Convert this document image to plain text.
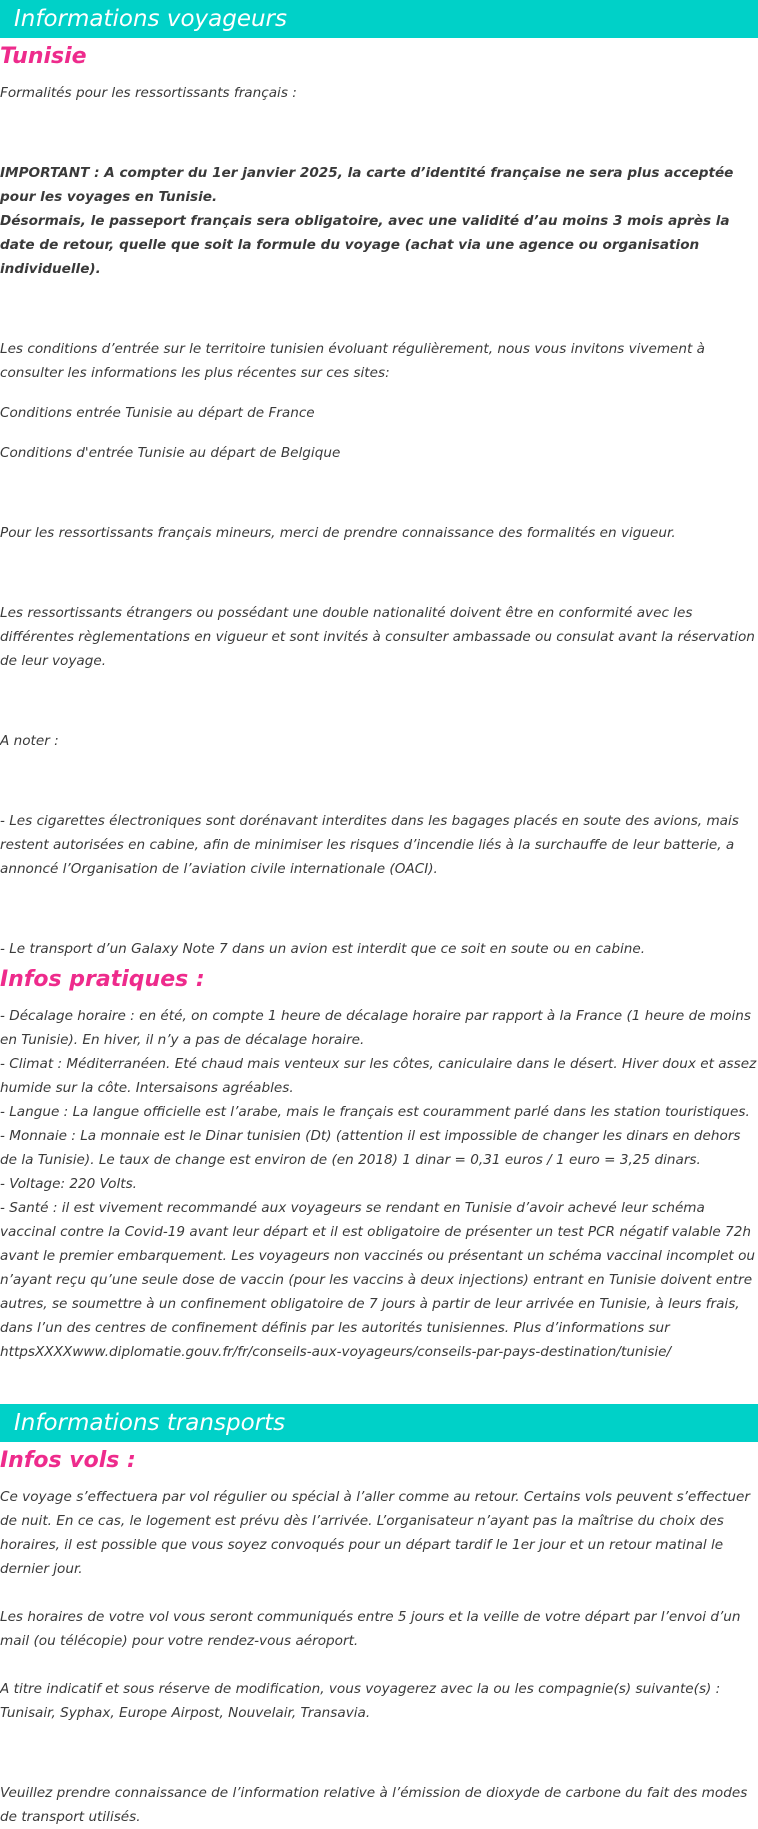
Informations voyageurs
Tunisie

Formalités pour les ressortissants français :

IMPORTANT : A compter du 1er janvier 2025, la carte d’identité française ne sera plus acceptée pour les voyages en Tunisie.

Désormais, le passeport français sera obligatoire, avec une validité d’au moins 3 mois après la date de retour, quelle que soit la formule du voyage (achat via une agence ou organisation individuelle).

Les conditions d’entrée sur le territoire tunisien évoluant régulièrement, nous vous invitons vivement à consulter les informations les plus récentes sur ces sites:

Conditions entrée Tunisie au départ de France

Conditions d'entrée Tunisie au départ de Belgique

Pour les ressortissants français mineurs, merci de prendre connaissance des formalités en vigueur.

Les ressortissants étrangers ou possédant une double nationalité doivent être en conformité avec les différentes règlementations en vigueur et sont invités à consulter ambassade ou consulat avant la réservation de leur voyage.

A noter :

- Les cigarettes électroniques sont dorénavant interdites dans les bagages placés en soute des avions, mais restent autorisées en cabine, afin de minimiser les risques d’incendie liés à la surchauffe de leur batterie, a annoncé l’Organisation de l’aviation civile internationale (OACI).

- Le transport d’un Galaxy Note 7 dans un avion est interdit que ce soit en soute ou en cabine.

Infos pratiques :

- Décalage horaire : en été, on compte 1 heure de décalage horaire par rapport à la France (1 heure de moins en Tunisie). En hiver, il n’y a pas de décalage horaire.
- Climat : Méditerranéen. Eté chaud mais venteux sur les côtes, caniculaire dans le désert. Hiver doux et assez humide sur la côte. Intersaisons agréables.
- Langue : La langue officielle est l’arabe, mais le français est couramment parlé dans les station touristiques.
- Monnaie : La monnaie est le Dinar tunisien (Dt) (attention il est impossible de changer les dinars en dehors de la Tunisie). Le taux de change est environ de (en 2018) 1 dinar = 0,31 euros / 1 euro = 3,25 dinars.
- Voltage: 220 Volts.
- Santé : il est vivement recommandé aux voyageurs se rendant en Tunisie d’avoir achevé leur schéma vaccinal contre la Covid-19 avant leur départ et il est obligatoire de présenter un test PCR négatif valable 72h avant le premier embarquement. Les voyageurs non vaccinés ou présentant un schéma vaccinal incomplet ou n’ayant reçu qu’une seule dose de vaccin (pour les vaccins à deux injections) entrant en Tunisie doivent entre autres, se soumettre à un confinement obligatoire de 7 jours à partir de leur arrivée en Tunisie, à leurs frais, dans l’un des centres de confinement définis par les autorités tunisiennes. Plus d’informations sur httpsXXXXwww.diplomatie.gouv.fr/fr/conseils-aux-voyageurs/conseils-par-pays-destination/tunisie/

Informations transports
Infos vols :

Ce voyage s’effectuera par vol régulier ou spécial à l’aller comme au retour. Certains vols peuvent s’effectuer de nuit. En ce cas, le logement est prévu dès l’arrivée. L’organisateur n’ayant pas la maîtrise du choix des horaires, il est possible que vous soyez convoqués pour un départ tardif le 1er jour et un retour matinal le dernier jour.

Les horaires de votre vol vous seront communiqués entre 5 jours et la veille de votre départ par l’envoi d’un mail (ou télécopie) pour votre rendez-vous aéroport.

A titre indicatif et sous réserve de modification, vous voyagerez avec la ou les compagnie(s) suivante(s) : Tunisair, Syphax, Europe Airpost, Nouvelair, Transavia.

Veuillez prendre connaissance de l’information relative à l’émission de dioxyde de carbone du fait des modes de transport utilisés.
